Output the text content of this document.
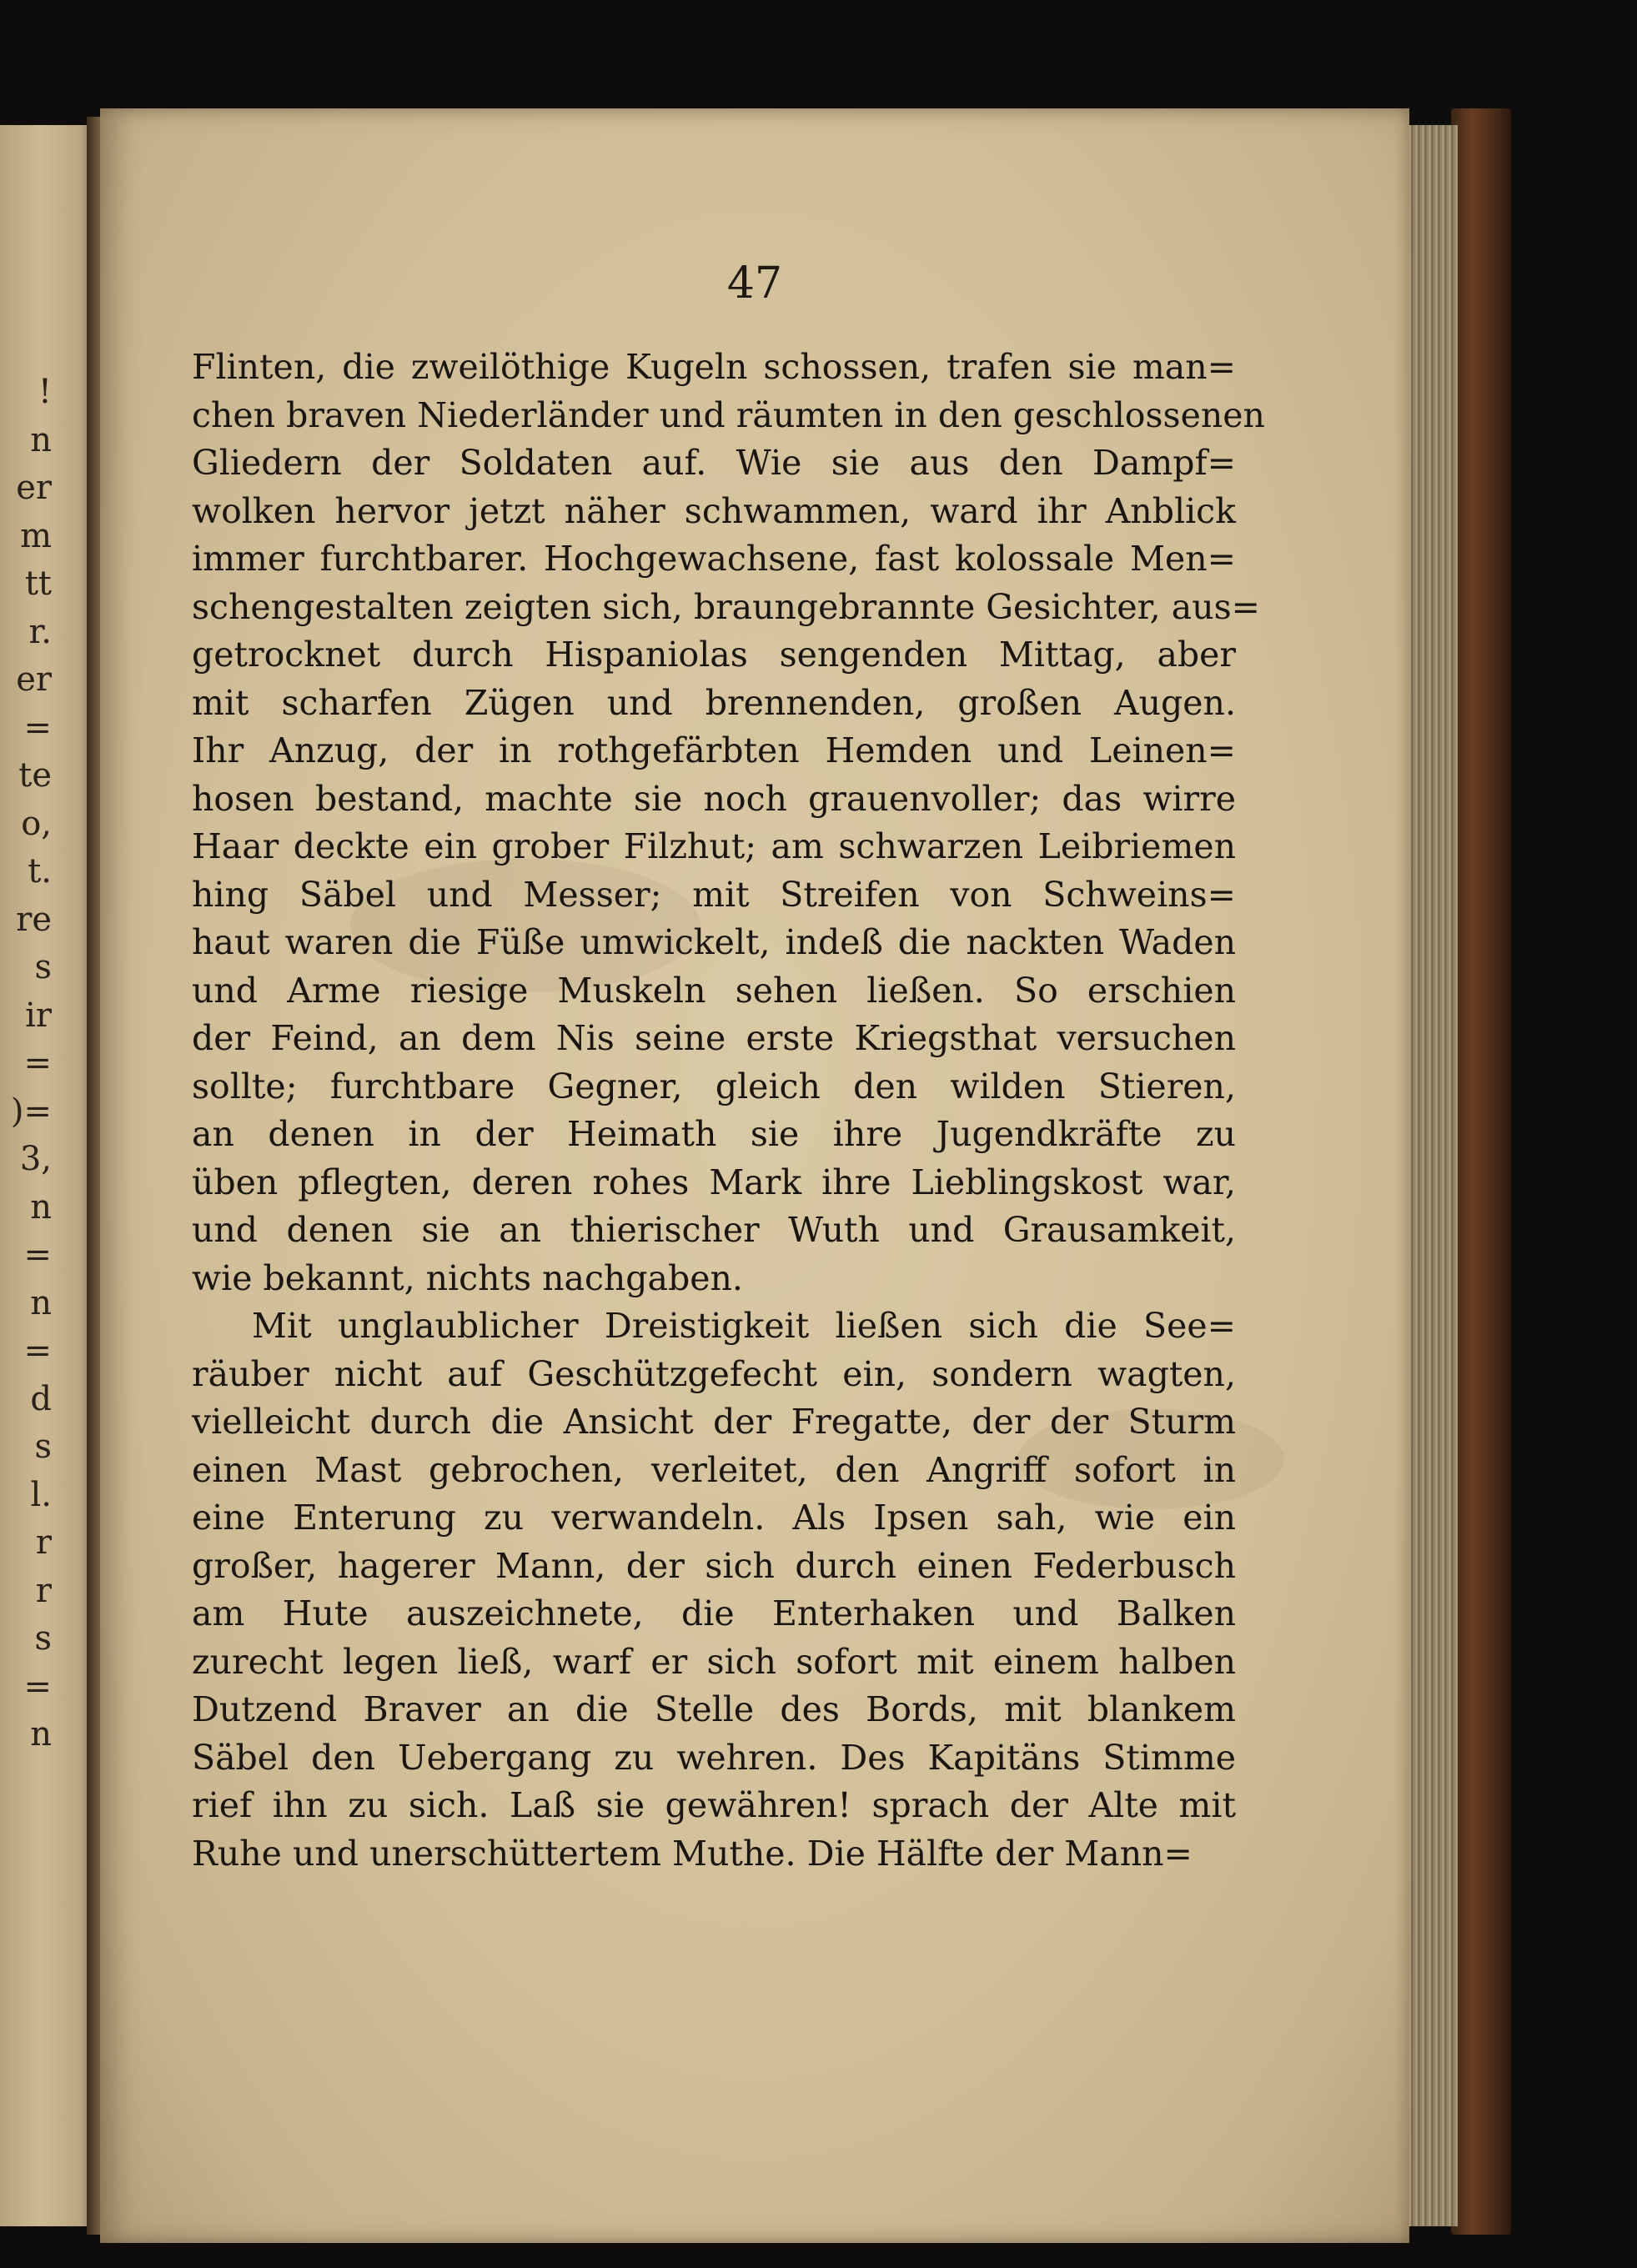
!
n
er
m
tt
r.
er
=
te
o,
t.
re
s
ir
=
)=
3,
n
=
n
=
d
s
l.
r
r
s
=
n

47

Flinten, die zweilöthige Kugeln schossen, trafen sie man=
chen braven Niederländer und räumten in den geschlossenen
Gliedern der Soldaten auf. Wie sie aus den Dampf=
wolken hervor jetzt näher schwammen, ward ihr Anblick
immer furchtbarer. Hochgewachsene, fast kolossale Men=
schengestalten zeigten sich, braungebrannte Gesichter, aus=
getrocknet durch Hispaniolas sengenden Mittag, aber
mit scharfen Zügen und brennenden, großen Augen.
Ihr Anzug, der in rothgefärbten Hemden und Leinen=
hosen bestand, machte sie noch grauenvoller; das wirre
Haar deckte ein grober Filzhut; am schwarzen Leibriemen
hing Säbel und Messer; mit Streifen von Schweins=
haut waren die Füße umwickelt, indeß die nackten Waden
und Arme riesige Muskeln sehen ließen. So erschien
der Feind, an dem Nis seine erste Kriegsthat versuchen
sollte; furchtbare Gegner, gleich den wilden Stieren,
an denen in der Heimath sie ihre Jugendkräfte zu
üben pflegten, deren rohes Mark ihre Lieblingskost war,
und denen sie an thierischer Wuth und Grausamkeit,
wie bekannt, nichts nachgaben.
Mit unglaublicher Dreistigkeit ließen sich die See=
räuber nicht auf Geschützgefecht ein, sondern wagten,
vielleicht durch die Ansicht der Fregatte, der der Sturm
einen Mast gebrochen, verleitet, den Angriff sofort in
eine Enterung zu verwandeln. Als Ipsen sah, wie ein
großer, hagerer Mann, der sich durch einen Federbusch
am Hute auszeichnete, die Enterhaken und Balken
zurecht legen ließ, warf er sich sofort mit einem halben
Dutzend Braver an die Stelle des Bords, mit blankem
Säbel den Uebergang zu wehren. Des Kapitäns Stimme
rief ihn zu sich. Laß sie gewähren! sprach der Alte mit
Ruhe und unerschüttertem Muthe. Die Hälfte der Mann=
